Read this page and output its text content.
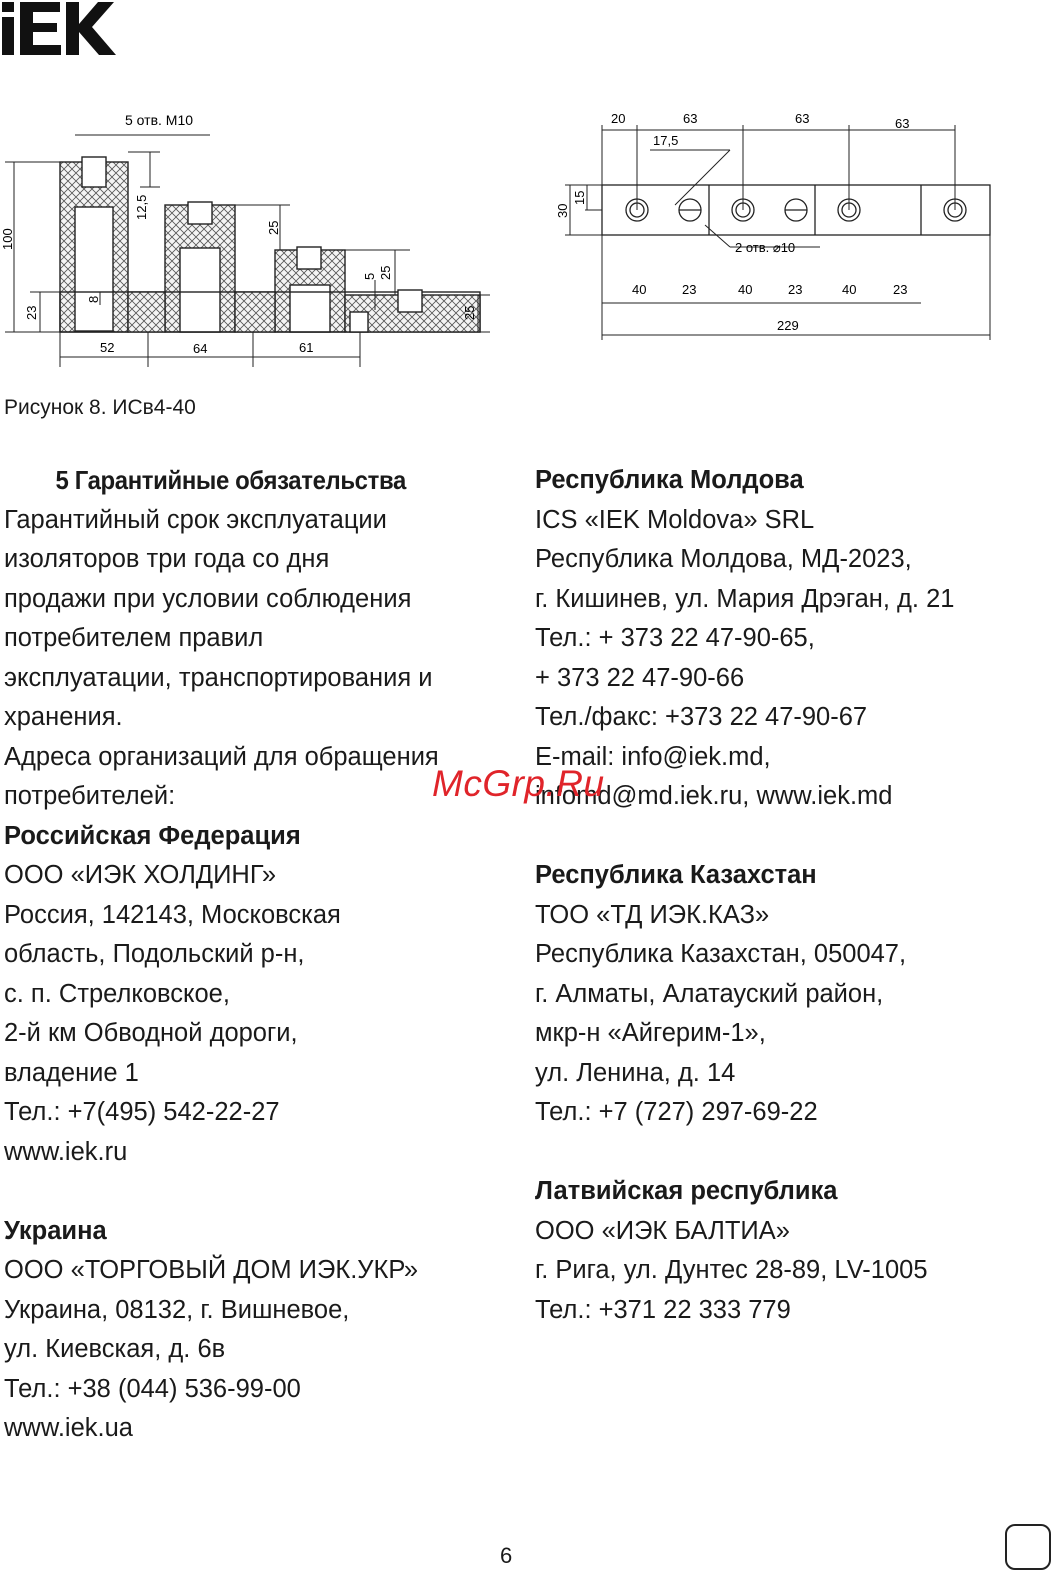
5 отв. М10
100
12,5
25
5 25
25
8
23
52	64	61
20	63	63	63
17,5
30
15
2 отв. ⌀10
40	23	40	23	40	23
229
Рисунок 8. ИСв4-40
5 Гарантийные обязательства
Гарантийный срок эксплуатации
изоляторов три года со дня
продажи при условии соблюдения
потребителем правил
эксплуатации, транспортирования и
хранения.
Адреса организаций для обращения
потребителей:
Российская Федерация
ООО «ИЭК ХОЛДИНГ»
Россия, 142143, Московская
область, Подольский р-н,
с. п. Стрелковское,
2-й км Обводной дороги,
владение 1
Тел.: +7(495) 542-22-27
www.iek.ru
Украина
ООО «ТОРГОВЫЙ ДОМ ИЭК.УКР»
Украина, 08132, г. Вишневое,
ул. Киевская, д. 6в
Тел.: +38 (044) 536-99-00
www.iek.ua
Республика Молдова
ICS «IEK Moldova» SRL
Республика Молдова, МД-2023,
г. Кишинев, ул. Мария Дрэган, д. 21
Тел.: + 373 22 47-90-65,
+ 373 22 47-90-66
Тел./факс: +373 22 47-90-67
E-mail: info@iek.md,
infomd@md.iek.ru, www.iek.md
Республика Казахстан
ТОО «ТД ИЭК.КАЗ»
Республика Казахстан, 050047,
г. Алматы, Алатауский район,
мкр-н «Айгерим-1»,
ул. Ленина, д. 14
Тел.: +7 (727) 297-69-22
Латвийская республика
ООО «ИЭК БАЛТИА»
г. Рига, ул. Дунтес 28-89, LV-1005
Тел.: +371 22 333 779
McGrp.Ru
6
